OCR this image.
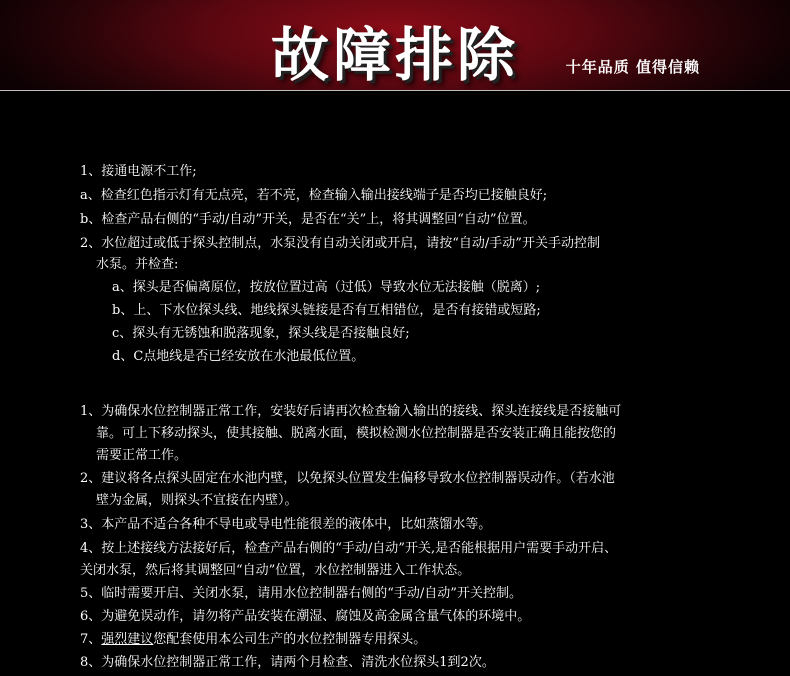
故障排除	十年品质 值得信赖
1、接通电源不工作;
a、检查红色指示灯有无点亮，若不亮，检查输入输出接线端子是否均已接触良好;
b、检查产品右侧的“手动/自动”开关，是否在“关”上，将其调整回“自动”位置。
2、水位超过或低于探头控制点，水泵没有自动关闭或开启，请按“自动/手动”开关手动控制
水泵。并检查:
a、探头是否偏离原位，按放位置过高（过低）导致水位无法接触（脱离）;
b、上、下水位探头线、地线探头链接是否有互相错位，是否有接错或短路;
c、探头有无锈蚀和脱落现象，探头线是否接触良好;
d、C点地线是否已经安放在水池最低位置。
1、为确保水位控制器正常工作，安装好后请再次检查输入输出的接线、探头连接线是否接触可
靠。可上下移动探头，使其接触、脱离水面，模拟检测水位控制器是否安装正确且能按您的
需要正常工作。
2、建议将各点探头固定在水池内壁，以免探头位置发生偏移导致水位控制器误动作。（若水池
壁为金属，则探头不宜接在内壁）。
3、本产品不适合各种不导电或导电性能很差的液体中，比如蒸馏水等。
4、按上述接线方法接好后，检查产品右侧的“手动/自动”开关,是否能根据用户需要手动开启、
关闭水泵，然后将其调整回“自动”位置，水位控制器进入工作状态。
5、临时需要开启、关闭水泵，请用水位控制器右侧的“手动/自动”开关控制。
6、为避免误动作，请勿将产品安装在潮湿、腐蚀及高金属含量气体的环境中。
7、强烈建议您配套使用本公司生产的水位控制器专用探头。
8、为确保水位控制器正常工作，请两个月检查、清洗水位探头1到2次。
